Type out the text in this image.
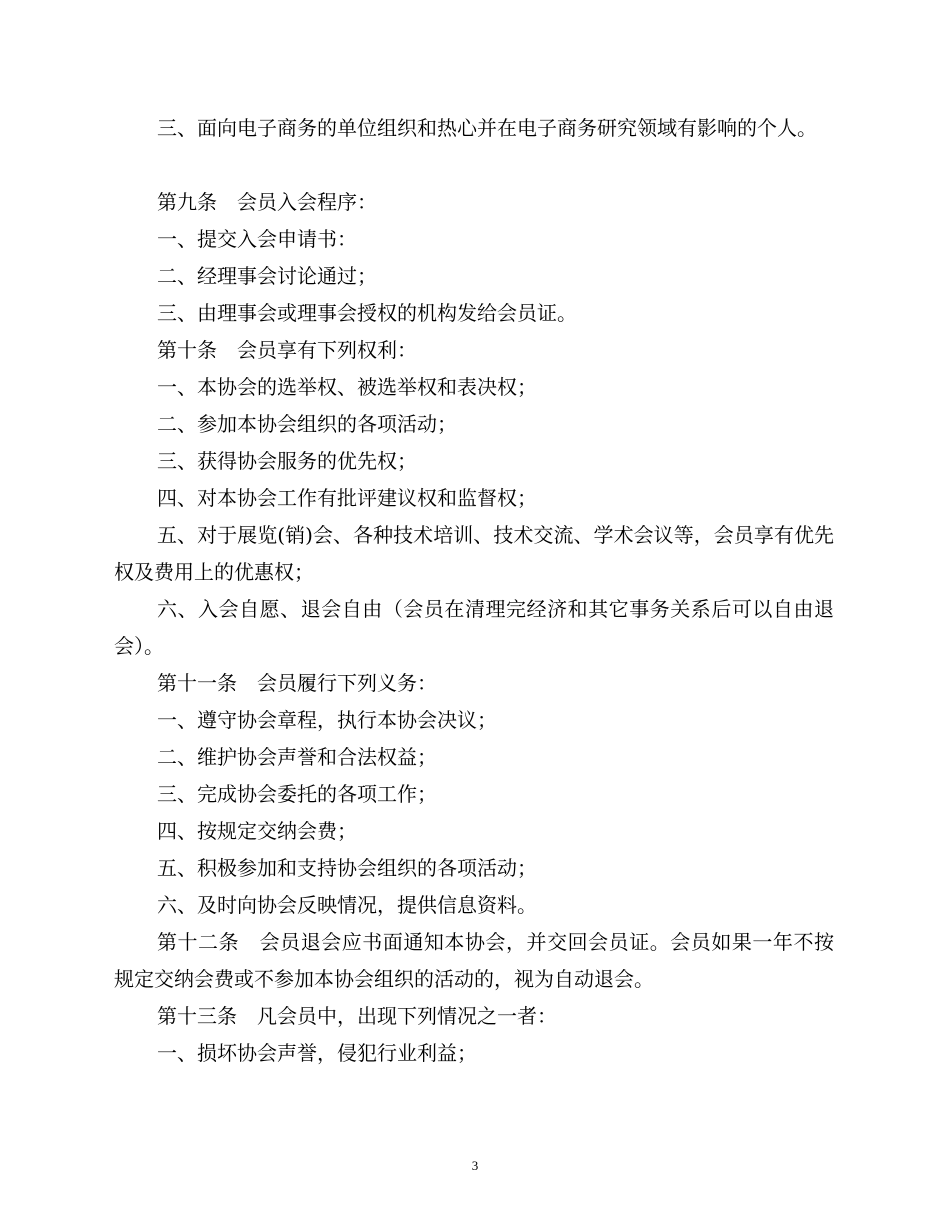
三、面向电子商务的单位组织和热心并在电子商务研究领域有影响的个人。

第九条　会员入会程序：

一、提交入会申请书：

二、经理事会讨论通过；

三、由理事会或理事会授权的机构发给会员证。

第十条　会员享有下列权利：

一、本协会的选举权、被选举权和表决权；

二、参加本协会组织的各项活动；

三、获得协会服务的优先权；

四、对本协会工作有批评建议权和监督权；

五、对于展览(销)会、各种技术培训、技术交流、学术会议等，会员享有优先权及费用上的优惠权；

六、入会自愿、退会自由（会员在清理完经济和其它事务关系后可以自由退会）。

第十一条　会员履行下列义务：

一、遵守协会章程，执行本协会决议；

二、维护协会声誉和合法权益；

三、完成协会委托的各项工作；

四、按规定交纳会费；

五、积极参加和支持协会组织的各项活动；

六、及时向协会反映情况，提供信息资料。

第十二条　会员退会应书面通知本协会，并交回会员证。会员如果一年不按规定交纳会费或不参加本协会组织的活动的，视为自动退会。

第十三条　凡会员中，出现下列情况之一者：

一、损坏协会声誉，侵犯行业利益；

3
